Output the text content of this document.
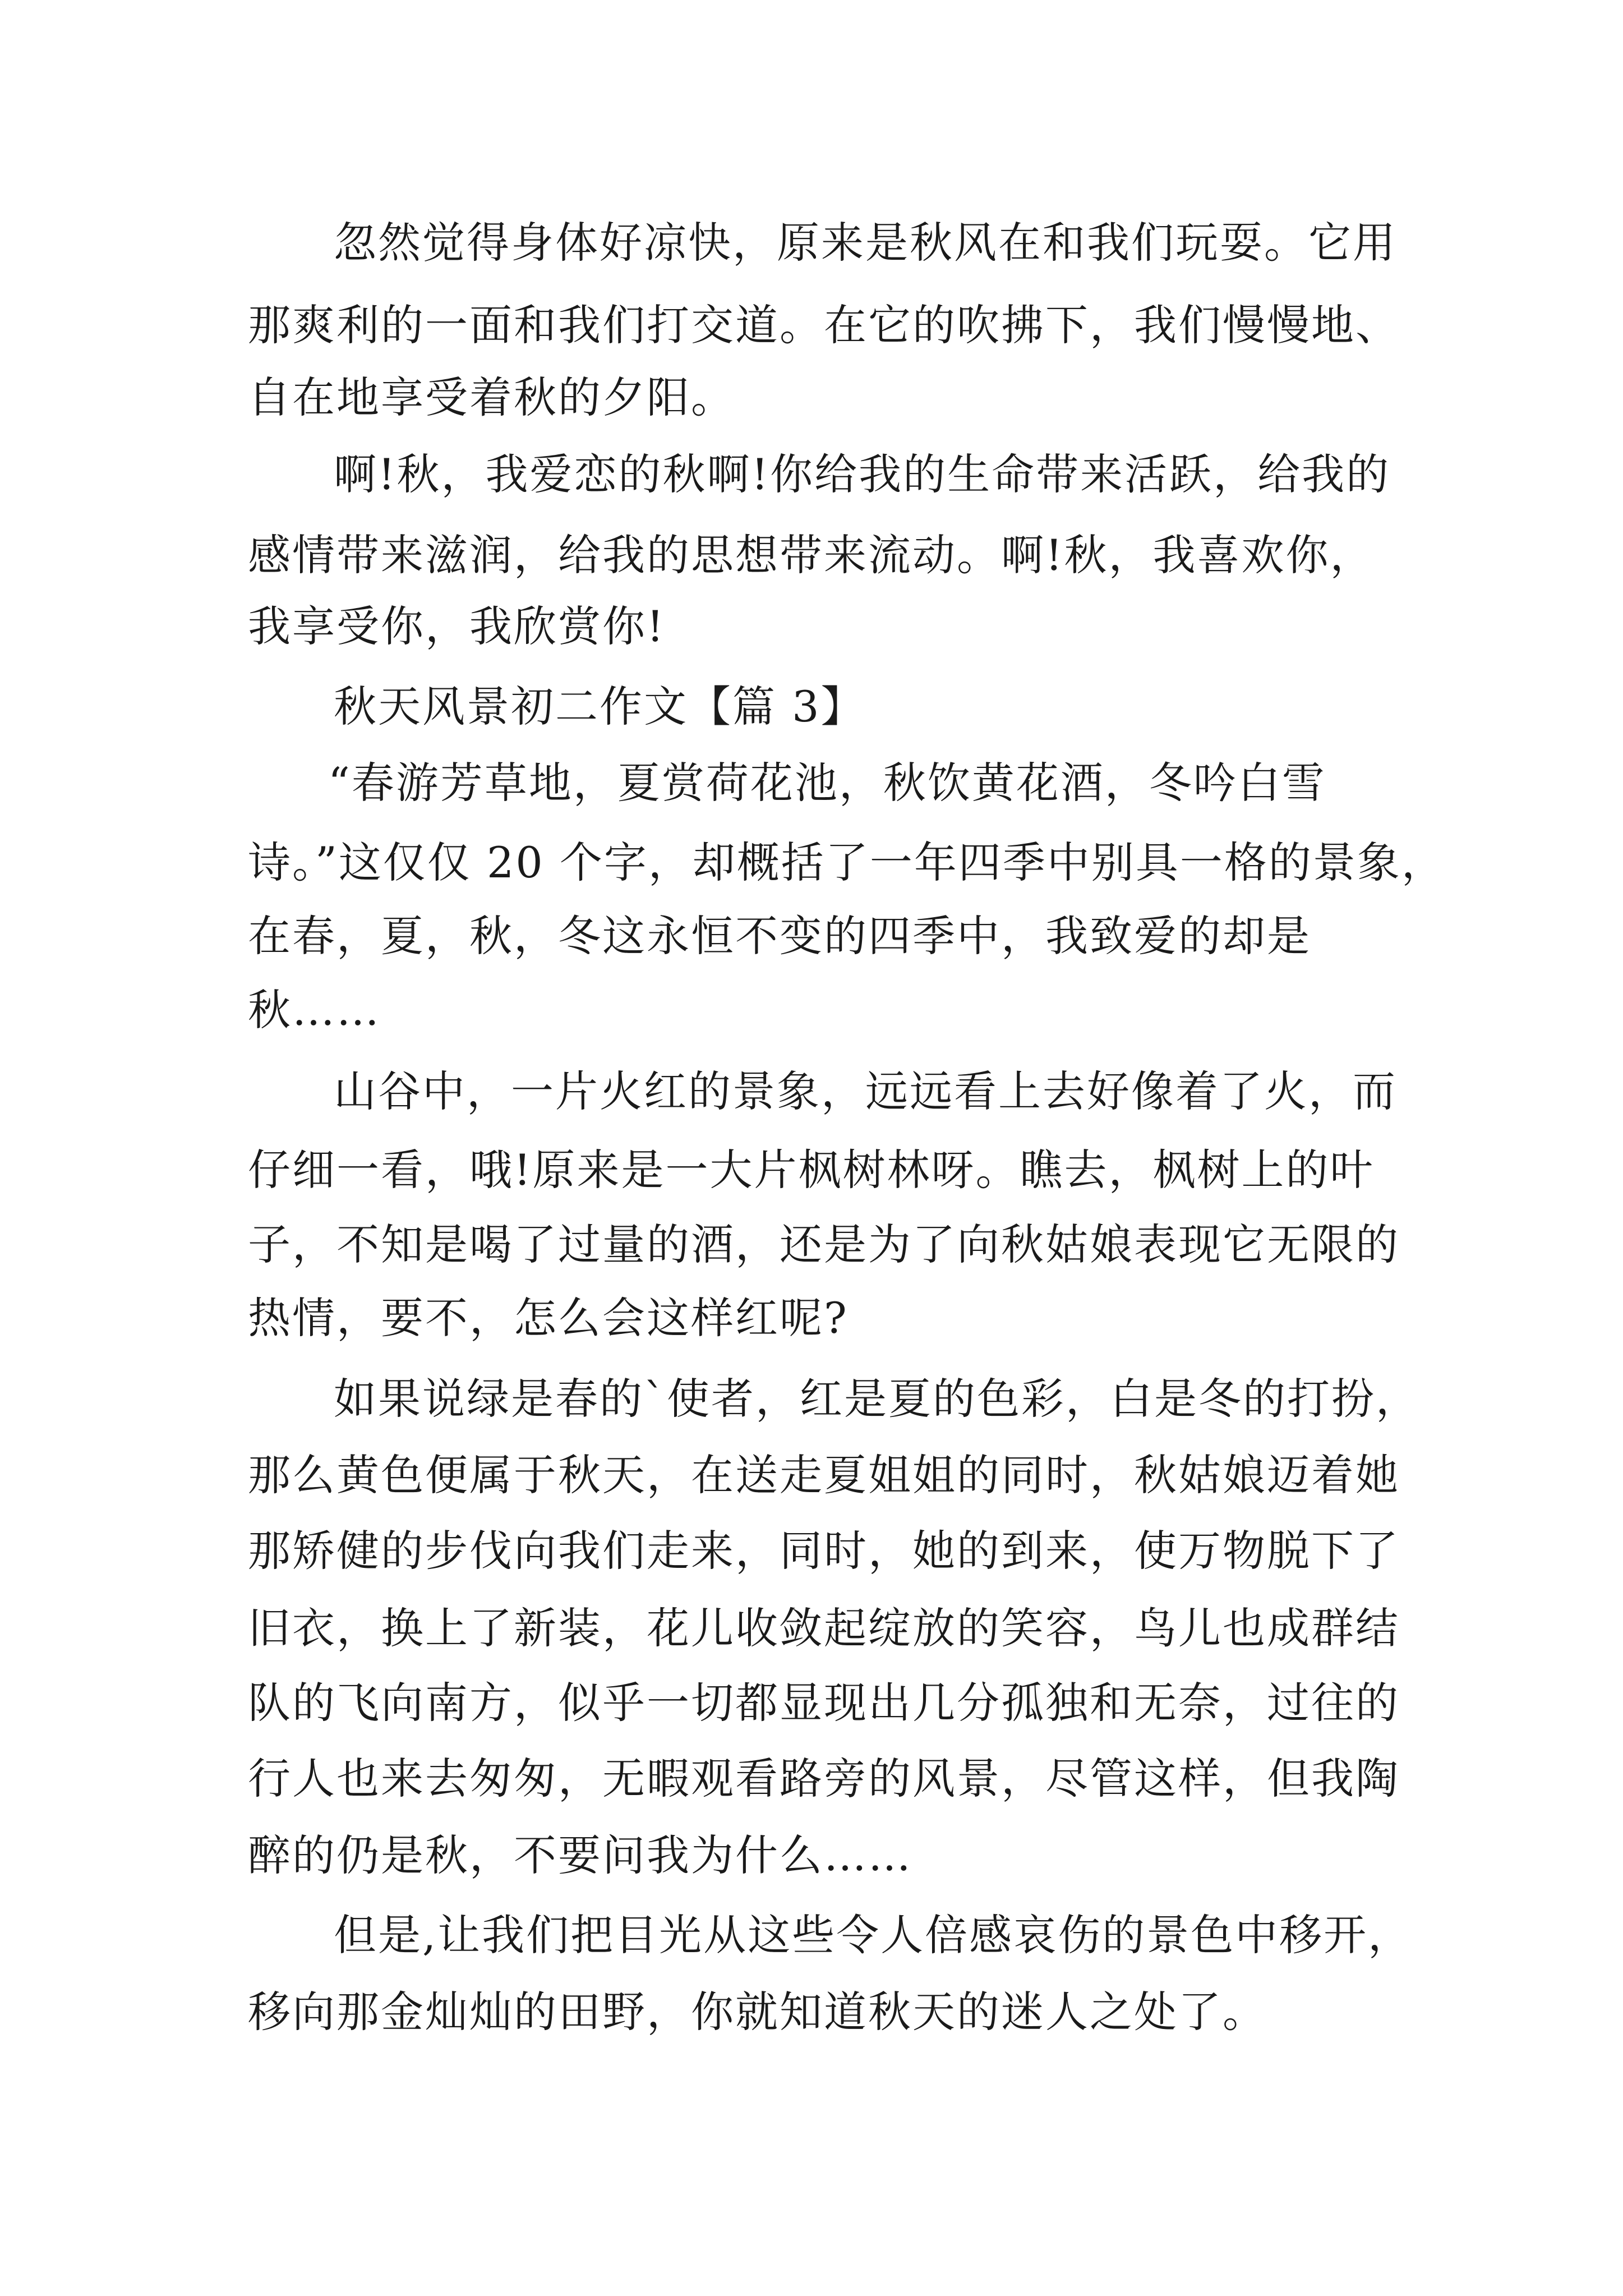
忽然觉得身体好凉快，原来是秋风在和我们玩耍。它用
那爽利的一面和我们打交道。在它的吹拂下，我们慢慢地、
自在地享受着秋的夕阳。
啊!秋，我爱恋的秋啊!你给我的生命带来活跃，给我的
感情带来滋润，给我的思想带来流动。啊!秋，我喜欢你，
我享受你，我欣赏你!
秋天风景初二作文【篇 3】
“春游芳草地，夏赏荷花池，秋饮黄花酒，冬吟白雪
诗。”这仅仅 20 个字，却概括了一年四季中别具一格的景象，
在春，夏，秋，冬这永恒不变的四季中，我致爱的却是
秋……
山谷中，一片火红的景象，远远看上去好像着了火，而
仔细一看，哦!原来是一大片枫树林呀。瞧去，枫树上的叶
子，不知是喝了过量的酒，还是为了向秋姑娘表现它无限的
热情，要不，怎么会这样红呢?
如果说绿是春的`使者，红是夏的色彩，白是冬的打扮，
那么黄色便属于秋天，在送走夏姐姐的同时，秋姑娘迈着她
那矫健的步伐向我们走来，同时，她的到来，使万物脱下了
旧衣，换上了新装，花儿收敛起绽放的笑容，鸟儿也成群结
队的飞向南方，似乎一切都显现出几分孤独和无奈，过往的
行人也来去匆匆，无暇观看路旁的风景，尽管这样，但我陶
醉的仍是秋，不要问我为什么……
但是,让我们把目光从这些令人倍感哀伤的景色中移开，
移向那金灿灿的田野，你就知道秋天的迷人之处了。
